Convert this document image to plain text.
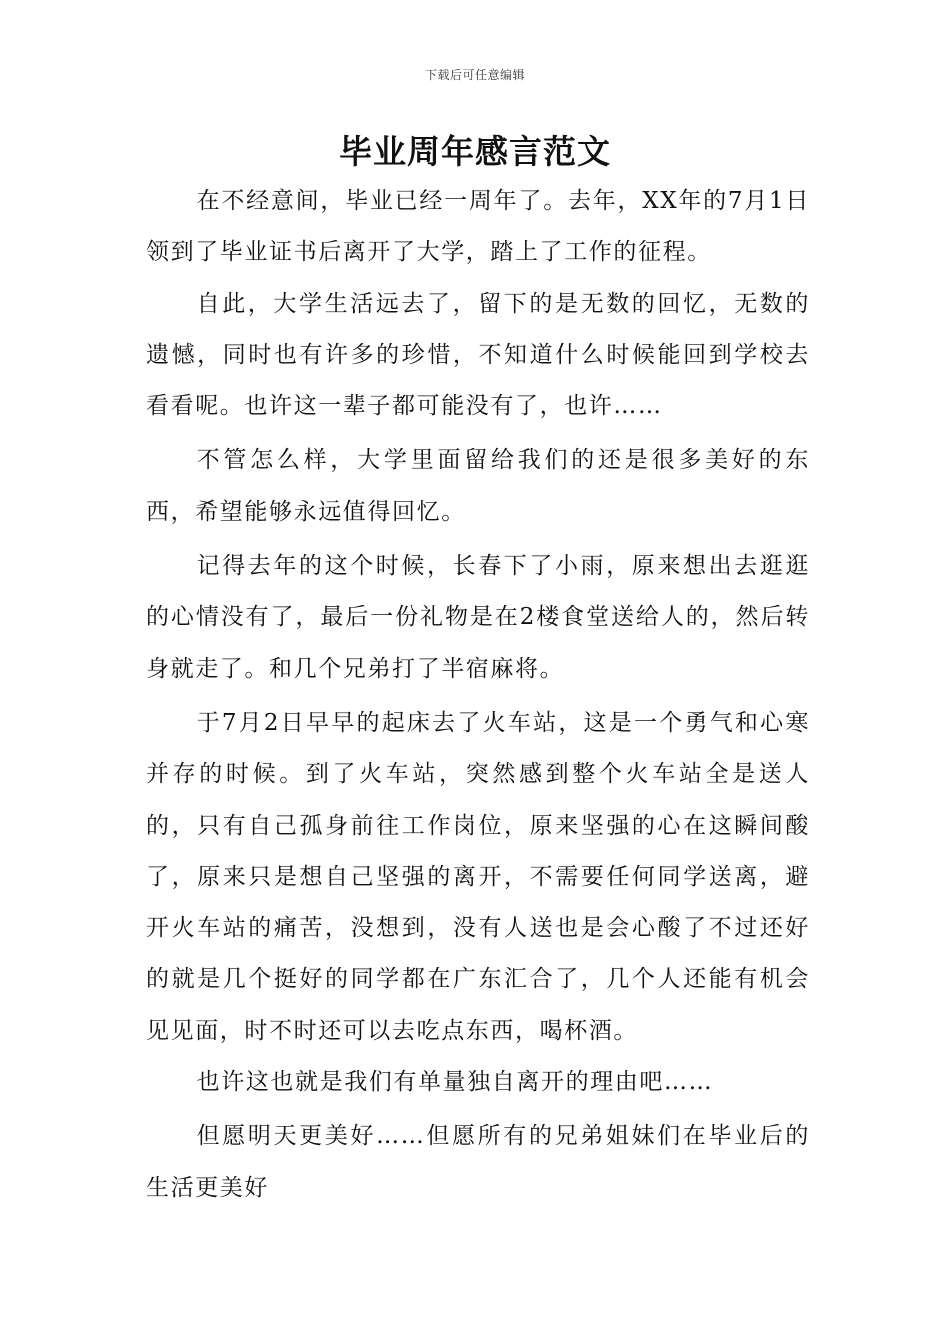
下载后可任意编辑
毕业周年感言范文

在不经意间，毕业已经一周年了。去年，XX年的7月1日领到了毕业证书后离开了大学，踏上了工作的征程。

自此，大学生活远去了，留下的是无数的回忆，无数的遗憾，同时也有许多的珍惜，不知道什么时候能回到学校去看看呢。也许这一辈子都可能没有了，也许……

不管怎么样，大学里面留给我们的还是很多美好的东西，希望能够永远值得回忆。

记得去年的这个时候，长春下了小雨，原来想出去逛逛的心情没有了，最后一份礼物是在2楼食堂送给人的，然后转身就走了。和几个兄弟打了半宿麻将。

于7月2日早早的起床去了火车站，这是一个勇气和心寒并存的时候。到了火车站，突然感到整个火车站全是送人的，只有自己孤身前往工作岗位，原来坚强的心在这瞬间酸了，原来只是想自己坚强的离开，不需要任何同学送离，避开火车站的痛苦，没想到，没有人送也是会心酸了不过还好的就是几个挺好的同学都在广东汇合了，几个人还能有机会见见面，时不时还可以去吃点东西，喝杯酒。

也许这也就是我们有单量独自离开的理由吧……

但愿明天更美好……但愿所有的兄弟姐妹们在毕业后的生活更美好
